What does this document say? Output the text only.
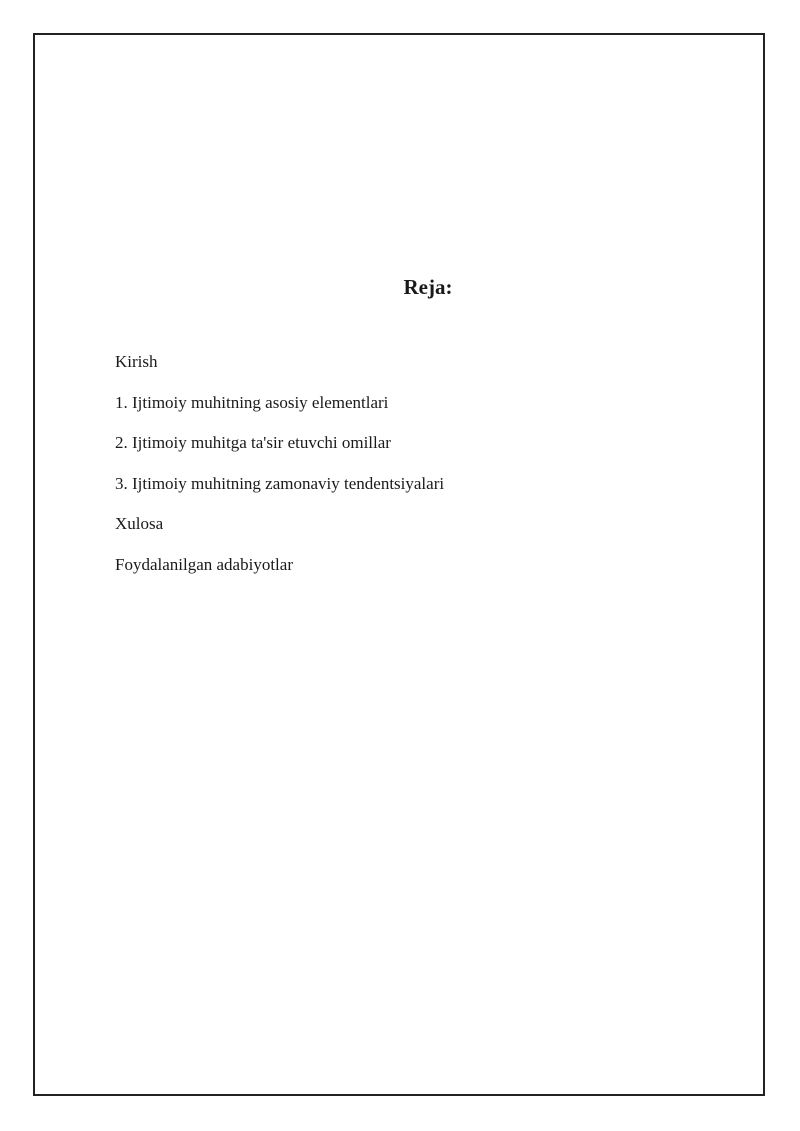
Reja:
Kirish
1. Ijtimoiy muhitning asosiy elementlari
2. Ijtimoiy muhitga ta'sir etuvchi omillar
3. Ijtimoiy muhitning zamonaviy tendentsiyalari
Xulosa
Foydalanilgan adabiyotlar
